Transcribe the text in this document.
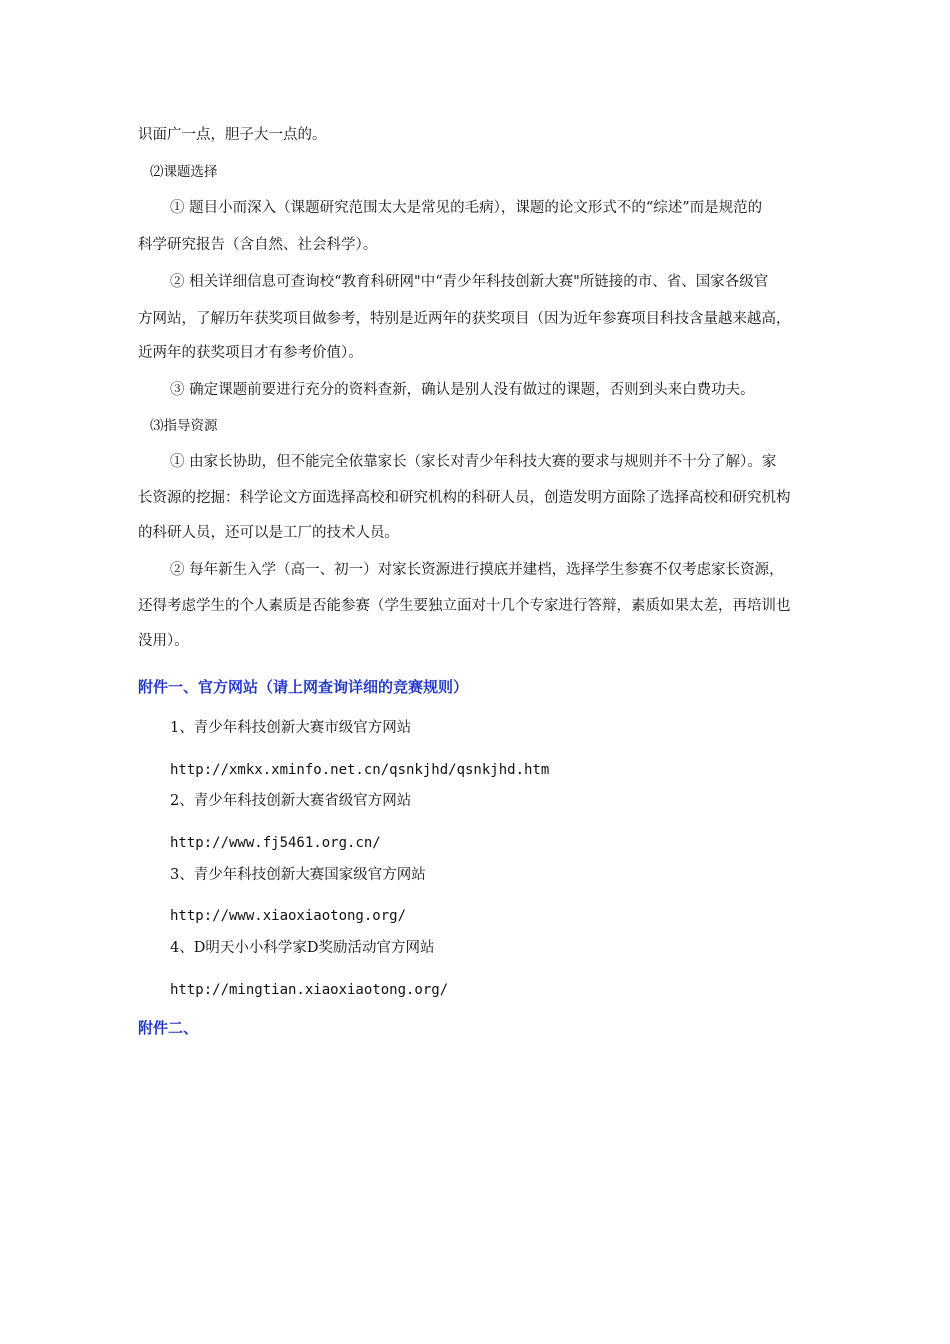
识面广一点，胆子大一点的。
⑵课题选择
① 题目小而深入（课题研究范围太大是常见的毛病），课题的论文形式不的“综述”而是规范的
科学研究报告（含自然、社会科学）。
② 相关详细信息可查询校“教育科研网"中“青少年科技创新大赛"所链接的市、省、国家各级官
方网站，了解历年获奖项目做参考，特别是近两年的获奖项目（因为近年参赛项目科技含量越来越高，
近两年的获奖项目才有参考价值）。
③ 确定课题前要进行充分的资料查新，确认是别人没有做过的课题，否则到头来白费功夫。
⑶指导资源
① 由家长协助，但不能完全依靠家长（家长对青少年科技大赛的要求与规则并不十分了解）。家
长资源的挖掘：科学论文方面选择高校和研究机构的科研人员，创造发明方面除了选择高校和研究机构
的科研人员，还可以是工厂的技术人员。
② 每年新生入学（高一、初一）对家长资源进行摸底并建档，选择学生参赛不仅考虑家长资源，
还得考虑学生的个人素质是否能参赛（学生要独立面对十几个专家进行答辩，素质如果太差，再培训也
没用）。
附件一、官方网站（请上网查询详细的竞赛规则）
1、青少年科技创新大赛市级官方网站
http://xmkx.xminfo.net.cn/qsnkjhd/qsnkjhd.htm
2、青少年科技创新大赛省级官方网站
http://www.fj5461.org.cn/
3、青少年科技创新大赛国家级官方网站
http://www.xiaoxiaotong.org/
4、D明天小小科学家D奖励活动官方网站
http://mingtian.xiaoxiaotong.org/
附件二、
